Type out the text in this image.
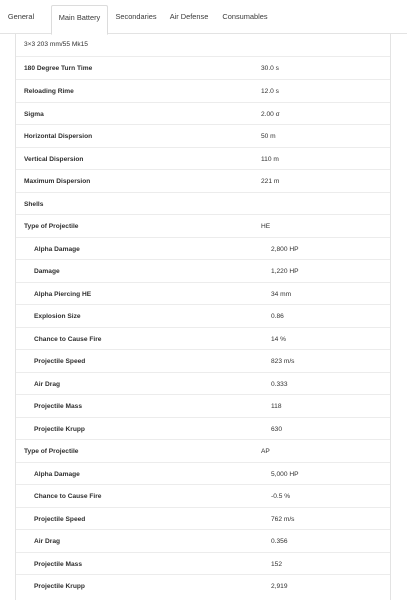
General	Main Battery	Secondaries	Air Defense	Consumables
3×3 203 mm/55 Mk15
180 Degree Turn Time	30.0 s
Reloading Rime	12.0 s
Sigma	2.00 σ
Horizontal Dispersion	50 m
Vertical Dispersion	110 m
Maximum Dispersion	221 m
Shells
Type of Projectile	HE
Alpha Damage	2,800 HP
Damage	1,220 HP
Alpha Piercing HE	34 mm
Explosion Size	0.86
Chance to Cause Fire	14 %
Projectile Speed	823 m/s
Air Drag	0.333
Projectile Mass	118
Projectile Krupp	630
Type of Projectile	AP
Alpha Damage	5,000 HP
Chance to Cause Fire	-0.5 %
Projectile Speed	762 m/s
Air Drag	0.356
Projectile Mass	152
Projectile Krupp	2,919
